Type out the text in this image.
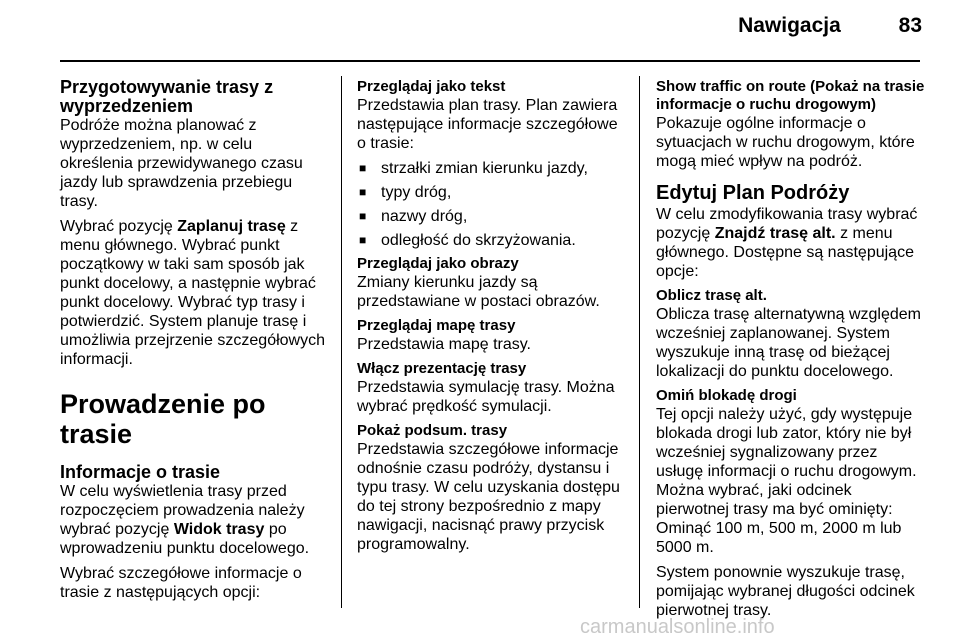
Nawigacja	83
Przygotowywanie trasy z wyprzedzeniem

Podróże można planować z wyprzedzeniem, np. w celu określenia przewidywanego czasu jazdy lub sprawdzenia przebiegu trasy.

Wybrać pozycję Zaplanuj trasę z menu głównego. Wybrać punkt początkowy w taki sam sposób jak punkt docelowy, a następnie wybrać punkt docelowy. Wybrać typ trasy i potwierdzić. System planuje trasę i umożliwia przejrzenie szczegółowych informacji.

Prowadzenie po trasie
Informacje o trasie

W celu wyświetlenia trasy przed rozpoczęciem prowadzenia należy wybrać pozycję Widok trasy po wprowadzeniu punktu docelowego.

Wybrać szczegółowe informacje o trasie z następujących opcji:

Przeglądaj jako tekst

Przedstawia plan trasy. Plan zawiera następujące informacje szczegółowe o trasie:

■ strzałki zmian kierunku jazdy,
■ typy dróg,
■ nazwy dróg,
■ odległość do skrzyżowania.
Przeglądaj jako obrazy

Zmiany kierunku jazdy są przedstawiane w postaci obrazów.

Przeglądaj mapę trasy

Przedstawia mapę trasy.

Włącz prezentację trasy

Przedstawia symulację trasy. Można wybrać prędkość symulacji.

Pokaż podsum. trasy

Przedstawia szczegółowe informacje odnośnie czasu podróży, dystansu i typu trasy. W celu uzyskania dostępu do tej strony bezpośrednio z mapy nawigacji, nacisnąć prawy przycisk programowalny.

Show traffic on route (Pokaż na trasie informacje o ruchu drogowym)

Pokazuje ogólne informacje o sytuacjach w ruchu drogowym, które mogą mieć wpływ na podróż.

Edytuj Plan Podróży

W celu zmodyfikowania trasy wybrać pozycję Znajdź trasę alt. z menu głównego. Dostępne są następujące opcje:

Oblicz trasę alt.

Oblicza trasę alternatywną względem wcześniej zaplanowanej. System wyszukuje inną trasę od bieżącej lokalizacji do punktu docelowego.

Omiń blokadę drogi

Tej opcji należy użyć, gdy występuje blokada drogi lub zator, który nie był wcześniej sygnalizowany przez usługę informacji o ruchu drogowym. Można wybrać, jaki odcinek pierwotnej trasy ma być ominięty: Ominąć 100 m, 500 m, 2000 m lub 5000 m.

System ponownie wyszukuje trasę, pomijając wybranej długości odcinek pierwotnej trasy.

carmanualsonline.info
